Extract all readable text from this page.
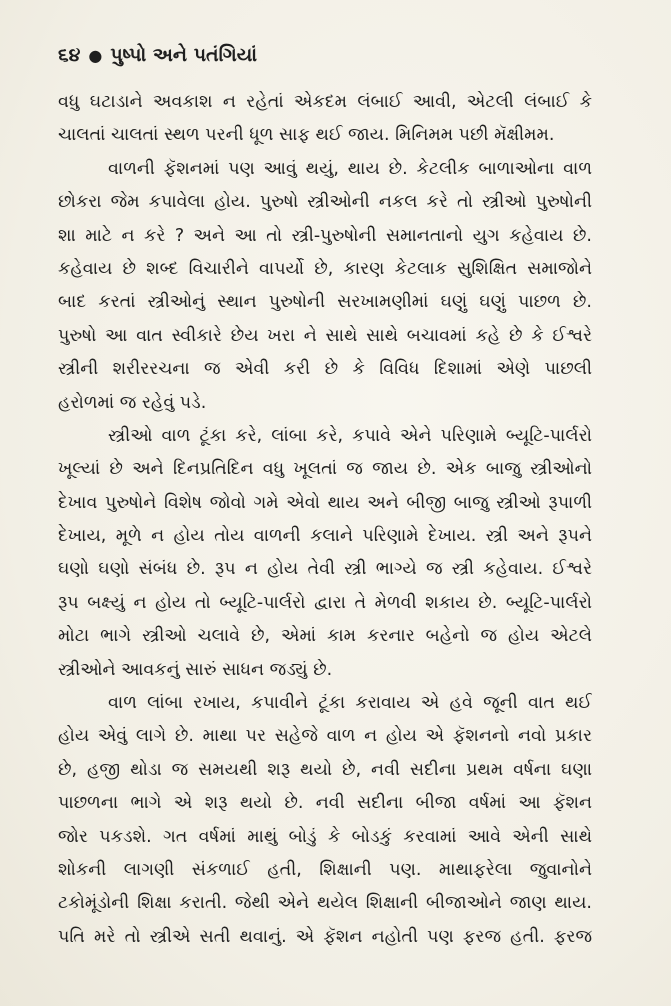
૬૪ ● પુષ્પો અને પતંગિયાં
વધુ ઘટાડાને અવકાશ ન રહેતાં એકદમ લંબાઈ આવી, એટલી લંબાઈ કે
ચાલતાં ચાલતાં સ્થળ પરની ધૂળ સાફ થઈ જાય. મિનિમમ પછી મૅક્ષીમમ.
વાળની ફૅશનમાં પણ આવું થયું, થાય છે. કેટલીક બાળાઓના વાળ
છોકરા જેમ કપાવેલા હોય. પુરુષો સ્ત્રીઓની નકલ કરે તો સ્ત્રીઓ પુરુષોની
શા માટે ન કરે ? અને આ તો સ્ત્રી-પુરુષોની સમાનતાનો યુગ કહેવાય છે.
કહેવાય છે શબ્દ વિચારીને વાપર્યો છે, કારણ કેટલાક સુશિક્ષિત સમાજોને
બાદ કરતાં સ્ત્રીઓનું સ્થાન પુરુષોની સરખામણીમાં ઘણું ઘણું પાછળ છે.
પુરુષો આ વાત સ્વીકારે છેય ખરા ને સાથે સાથે બચાવમાં કહે છે કે ઈશ્વરે
સ્ત્રીની શરીરરચના જ એવી કરી છે કે વિવિધ દિશામાં એણે પાછલી
હરોળમાં જ રહેવું પડે.
સ્ત્રીઓ વાળ ટૂંકા કરે, લાંબા કરે, કપાવે એને પરિણામે બ્યૂટિ-પાર્લરો
ખૂલ્યાં છે અને દિનપ્રતિદિન વધુ ખૂલતાં જ જાય છે. એક બાજુ સ્ત્રીઓનો
દેખાવ પુરુષોને વિશેષ જોવો ગમે એવો થાય અને બીજી બાજુ સ્ત્રીઓ રૂપાળી
દેખાય, મૂળે ન હોય તોય વાળની કલાને પરિણામે દેખાય. સ્ત્રી અને રૂપને
ઘણો ઘણો સંબંધ છે. રૂપ ન હોય તેવી સ્ત્રી ભાગ્યે જ સ્ત્રી કહેવાય. ઈશ્વરે
રૂપ બક્ષ્યું ન હોય તો બ્યૂટિ-પાર્લરો દ્વારા તે મેળવી શકાય છે. બ્યૂટિ-પાર્લરો
મોટા ભાગે સ્ત્રીઓ ચલાવે છે, એમાં કામ કરનાર બહેનો જ હોય એટલે
સ્ત્રીઓને આવકનું સારું સાધન જડ્યું છે.
વાળ લાંબા રખાય, કપાવીને ટૂંકા કરાવાય એ હવે જૂની વાત થઈ
હોય એવું લાગે છે. માથા પર સહેજે વાળ ન હોય એ ફૅશનનો નવો પ્રકાર
છે, હજી થોડા જ સમયથી શરૂ થયો છે, નવી સદીના પ્રથમ વર્ષના ઘણા
પાછળના ભાગે એ શરૂ થયો છે. નવી સદીના બીજા વર્ષમાં આ ફૅશન
જોર પકડશે. ગત વર્ષમાં માથું બોડું કે બોડકું કરવામાં આવે એની સાથે
શોકની લાગણી સંકળાઈ હતી, શિક્ષાની પણ. માથાફરેલા જુવાનોને
ટકોમૂંડોની શિક્ષા કરાતી. જેથી એને થયેલ શિક્ષાની બીજાઓને જાણ થાય.
પતિ મરે તો સ્ત્રીએ સતી થવાનું. એ ફૅશન નહોતી પણ ફરજ હતી. ફરજ
